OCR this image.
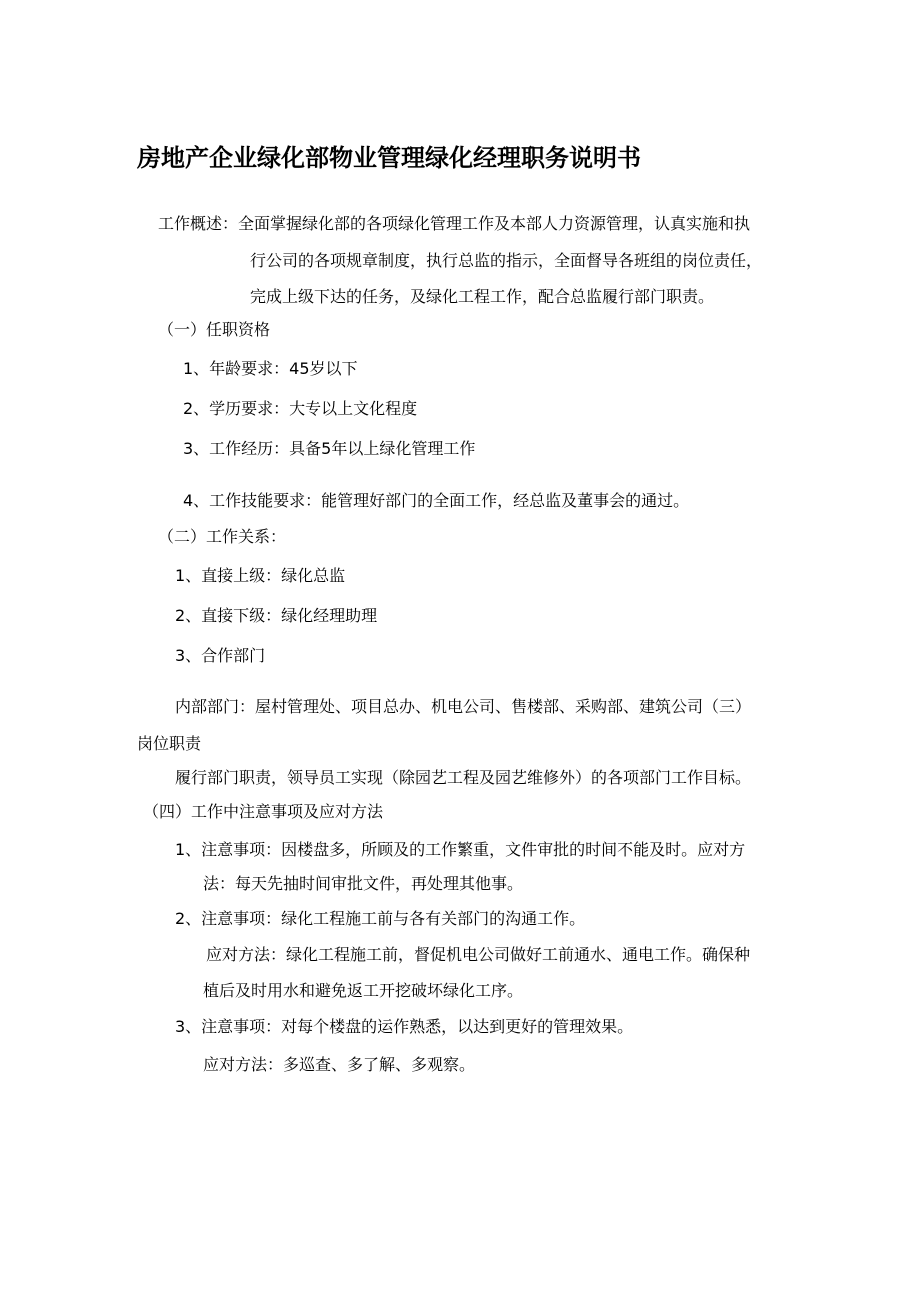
房地产企业绿化部物业管理绿化经理职务说明书

工作概述：全面掌握绿化部的各项绿化管理工作及本部人力资源管理，认真实施和执

行公司的各项规章制度，执行总监的指示，全面督导各班组的岗位责任，

完成上级下达的任务，及绿化工程工作，配合总监履行部门职责。

（一）任职资格

1、年龄要求：45岁以下

2、学历要求：大专以上文化程度

3、工作经历：具备5年以上绿化管理工作

4、工作技能要求：能管理好部门的全面工作，经总监及董事会的通过。

（二）工作关系：

1、直接上级：绿化总监

2、直接下级：绿化经理助理

3、合作部门

内部部门：屋村管理处、项目总办、机电公司、售楼部、采购部、建筑公司（三）

岗位职责

履行部门职责，领导员工实现（除园艺工程及园艺维修外）的各项部门工作目标。

（四）工作中注意事项及应对方法

1、注意事项：因楼盘多，所顾及的工作繁重，文件审批的时间不能及时。应对方

法：每天先抽时间审批文件，再处理其他事。

2、注意事项：绿化工程施工前与各有关部门的沟通工作。

应对方法：绿化工程施工前，督促机电公司做好工前通水、通电工作。确保种

植后及时用水和避免返工开挖破坏绿化工序。

3、注意事项：对每个楼盘的运作熟悉，以达到更好的管理效果。

应对方法：多巡查、多了解、多观察。
